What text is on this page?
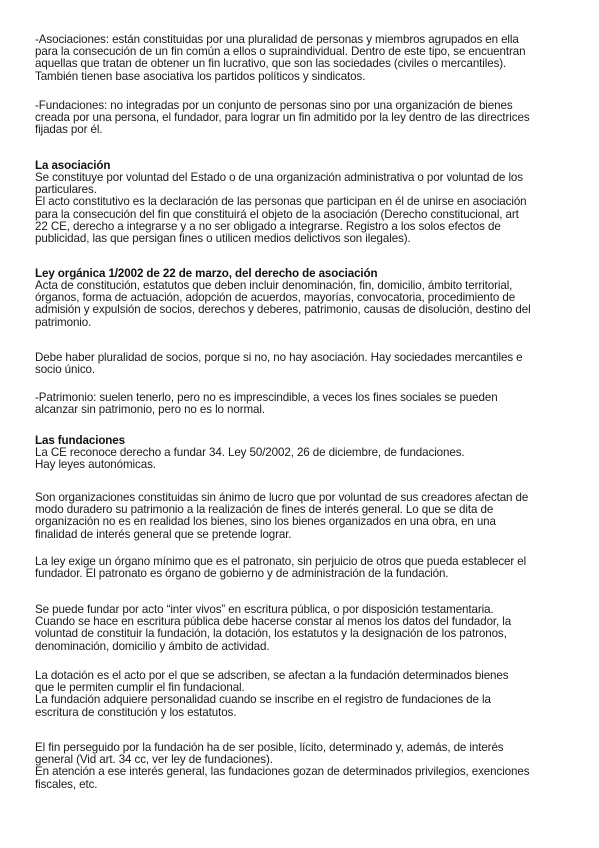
-Asociaciones: están constituidas por una pluralidad de personas y miembros agrupados en ella
para la consecución de un fin común a ellos o supraindividual. Dentro de este tipo, se encuentran
aquellas que tratan de obtener un fin lucrativo, que son las sociedades (civiles o mercantiles).
También tienen base asociativa los partidos políticos y sindicatos.

-Fundaciones: no integradas por un conjunto de personas sino por una organización de bienes
creada por una persona, el fundador, para lograr un fin admitido por la ley dentro de las directrices
fijadas por él.

La asociación

Se constituye por voluntad del Estado o de una organización administrativa o por voluntad de los
particulares.
El acto constitutivo es la declaración de las personas que participan en él de unirse en asociación
para la consecución del fin que constituirá el objeto de la asociación (Derecho constitucional, art
22 CE, derecho a integrarse y a no ser obligado a integrarse. Registro a los solos efectos de
publicidad, las que persigan fines o utilicen medios delictivos son ilegales).

Ley orgánica 1/2002 de 22 de marzo, del derecho de asociación

Acta de constitución, estatutos que deben incluir denominación, fin, domicilio, ámbito territorial,
órganos, forma de actuación, adopción de acuerdos, mayorías, convocatoria, procedimiento de
admisión y expulsión de socios, derechos y deberes, patrimonio, causas de disolución, destino del
patrimonio.

Debe haber pluralidad de socios, porque si no, no hay asociación. Hay sociedades mercantiles e
socio único.

-Patrimonio: suelen tenerlo, pero no es imprescindible, a veces los fines sociales se pueden
alcanzar sin patrimonio, pero no es lo normal.

Las fundaciones

La CE reconoce derecho a fundar 34. Ley 50/2002, 26 de diciembre, de fundaciones.
Hay leyes autonómicas.

Son organizaciones constituidas sin ánimo de lucro que por voluntad de sus creadores afectan de
modo duradero su patrimonio a la realización de fines de interés general. Lo que se dita de
organización no es en realidad los bienes, sino los bienes organizados en una obra, en una
finalidad de interés general que se pretende lograr.

La ley exige un órgano mínimo que es el patronato, sin perjuicio de otros que pueda establecer el
fundador. El patronato es órgano de gobierno y de administración de la fundación.

Se puede fundar por acto “inter vivos” en escritura pública, o por disposición testamentaria.
Cuando se hace en escritura pública debe hacerse constar al menos los datos del fundador, la
voluntad de constituir la fundación, la dotación, los estatutos y la designación de los patronos,
denominación, domicilio y ámbito de actividad.

La dotación es el acto por el que se adscriben, se afectan a la fundación determinados bienes
que le permiten cumplir el fin fundacional.
La fundación adquiere personalidad cuando se inscribe en el registro de fundaciones de la
escritura de constitución y los estatutos.

El fin perseguido por la fundación ha de ser posible, lícito, determinado y, además, de interés
general (Vid art. 34 cc, ver ley de fundaciones).
En atención a ese interés general, las fundaciones gozan de determinados privilegios, exenciones
fiscales, etc.
